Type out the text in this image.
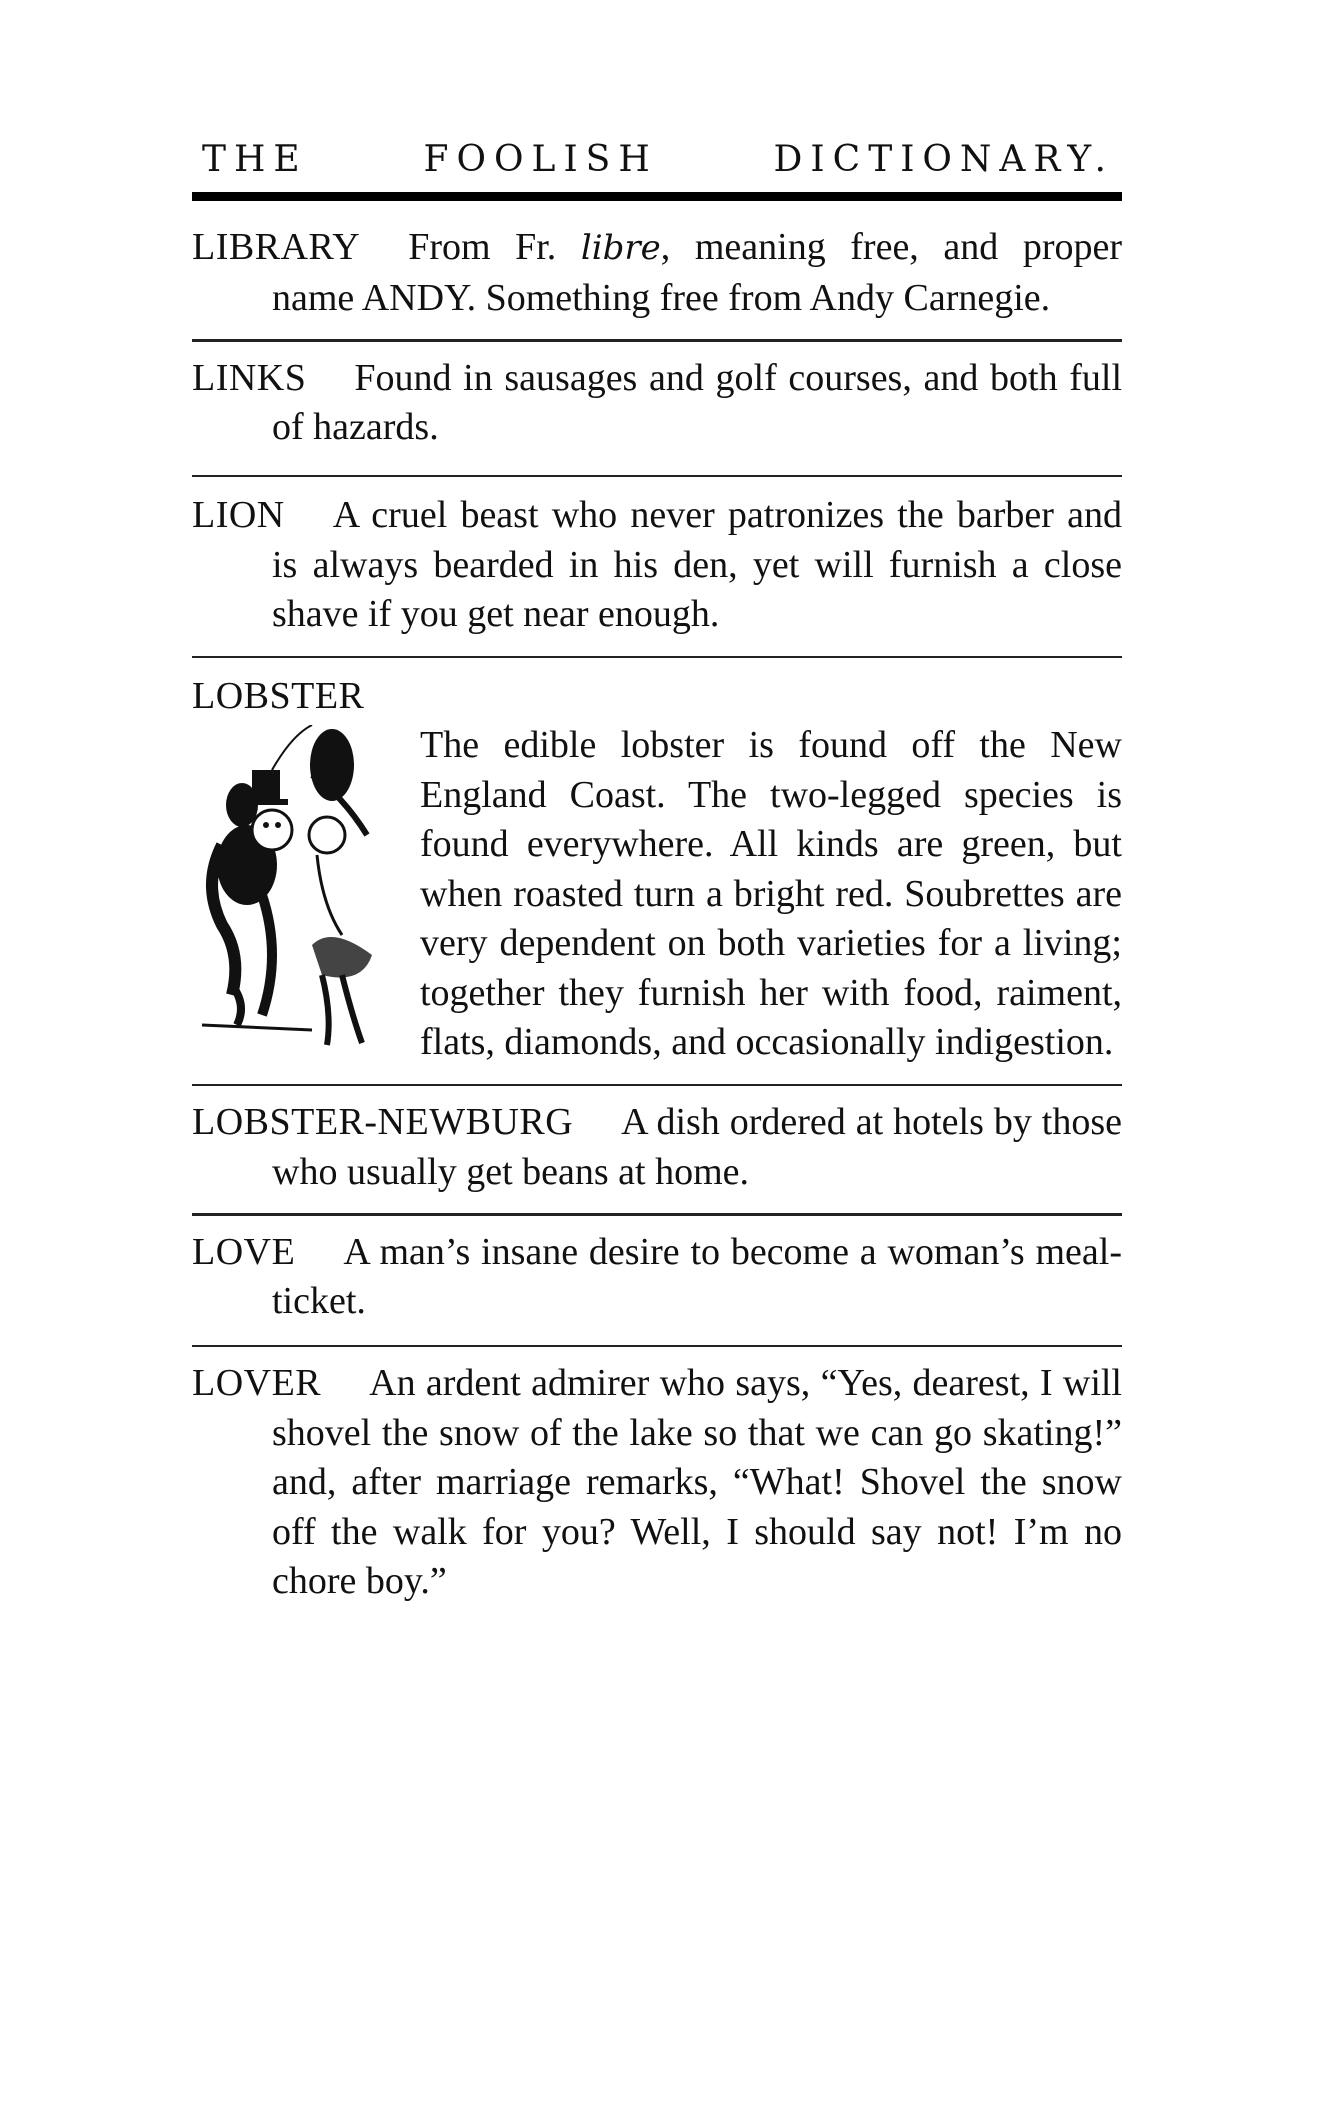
THE FOOLISH DICTIONARY.

LIBRARY From Fr. libre, meaning free, and proper name ANDY. Something free from Andy Carnegie.

LINKS Found in sausages and golf courses, and both full of hazards.

LION A cruel beast who never patronizes the barber and is always bearded in his den, yet will furnish a close shave if you get near enough.

LOBSTER
The edible lobster is found off the New England Coast. The two-legged species is found everywhere. All kinds are green, but when roasted turn a bright red. Soubrettes are very dependent on both varieties for a living; together they furnish her with food, raiment, flats, diamonds, and occasionally indigestion.

LOBSTER-NEWBURG A dish ordered at hotels by those who usually get beans at home.

LOVE A man’s insane desire to become a woman’s meal-ticket.

LOVER An ardent admirer who says, “Yes, dearest, I will shovel the snow of the lake so that we can go skating!” and, after marriage remarks, “What! Shovel the snow off the walk for you? Well, I should say not! I’m no chore boy.”
